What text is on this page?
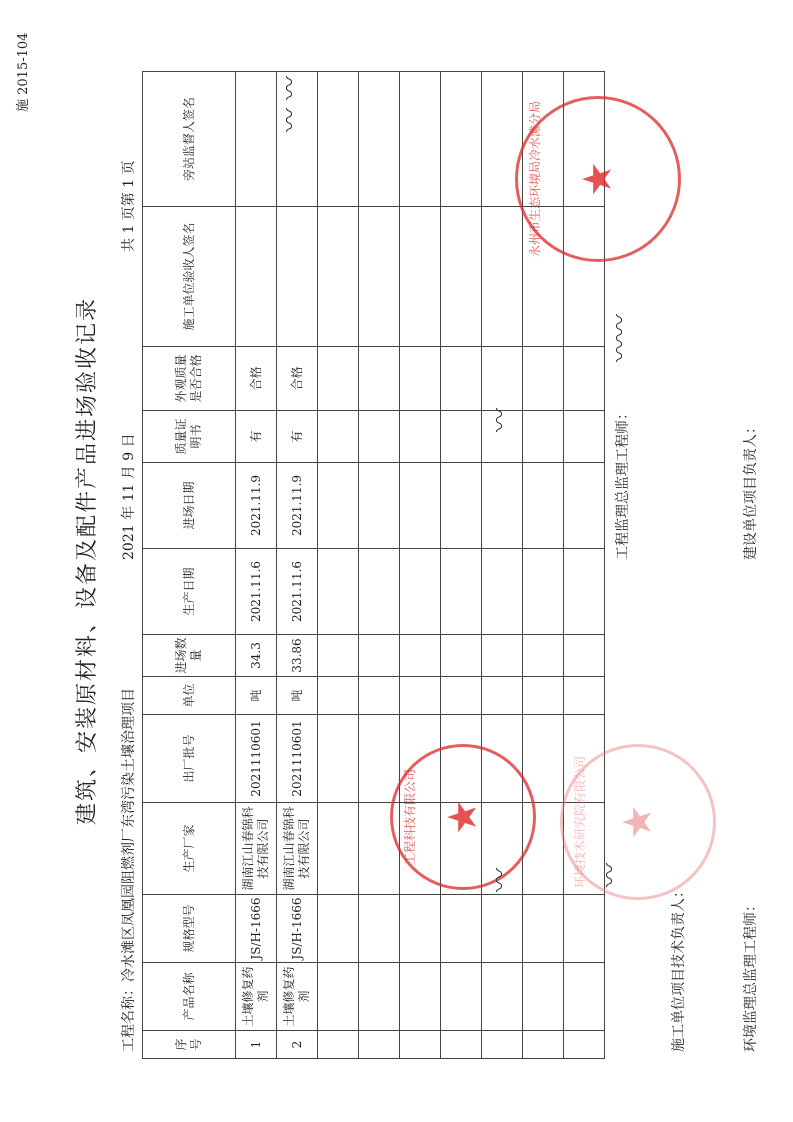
施 2015-104
建筑、安装原材料、设备及配件产品进场验收记录
工程名称：冷水滩区凤凰园阻燃剂厂东湾污染土壤治理项目
2021 年 11 月 9 日
共 1 页第 1 页
序号	产品名称	规格型号	生产厂家	出厂批号	单位	进场数量	生产日期	进场日期	质量证明书	外观质量是否合格	施工单位验收人签名	旁站监督人签名
1	土壤修复药剂	JS/H-1666	湖南江山春锦科技有限公司	2021110601	吨	34.3	2021.11.6	2021.11.9	有	合格		
2	土壤修复药剂	JS/H-1666	湖南江山春锦科技有限公司	2021110601	吨	33.86	2021.11.6	2021.11.9	有	合格		

施工单位项目技术负责人：
工程监理总监理工程师：
环境监理总监理工程师：
建设单位项目负责人：
永州市生态环境局冷水滩分局 ★
工程科技有限公司 ★	环境技术研究院有限公司 ★
〰〰
〰
〰	〰
〰〰
